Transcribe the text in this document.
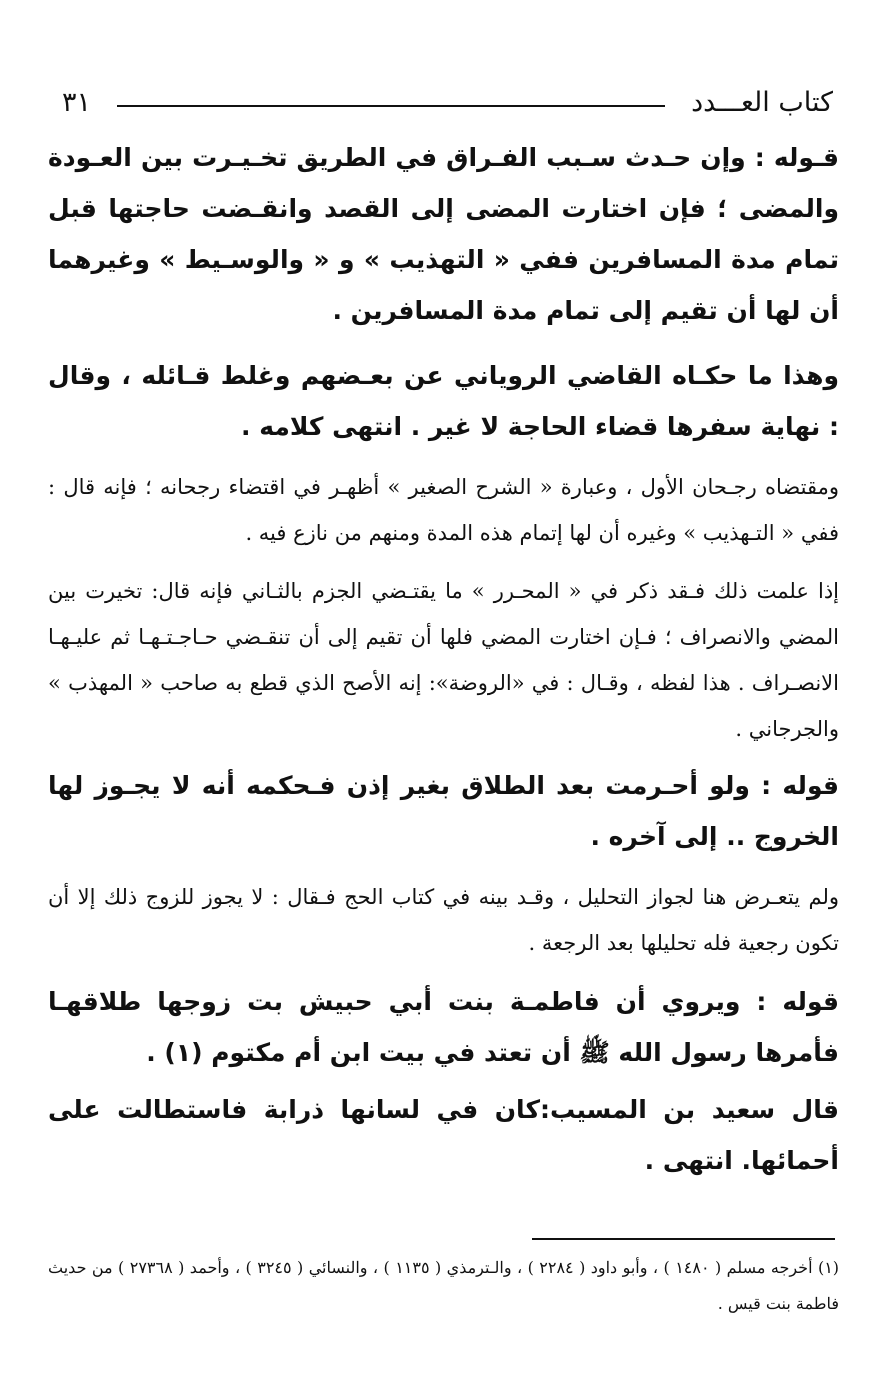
كتاب العـــدد
٣١

قـوله : وإن حـدث سـبب الفـراق في الطريق تخـيـرت بين العـودة والمضى ؛ فإن اختارت المضى إلى القصد وانقـضت حاجتها قبل تمام مدة المسافرين ففي « التهذيب » و « والوسـيط » وغيرهما أن لها أن تقيم إلى تمام مدة المسافرين .

وهذا ما حكـاه القاضي الروياني عن بعـضهم وغلط قـائله ، وقال : نهاية سفرها قضاء الحاجة لا غير . انتهى كلامه .

ومقتضاه رجـحان الأول ، وعبارة « الشرح الصغير » أظهـر في اقتضاء رجحانه ؛ فإنه قال : ففي « التـهذيب » وغيره أن لها إتمام هذه المدة ومنهم من نازع فيه .

إذا علمت ذلك فـقد ذكر في « المحـرر » ما يقتـضي الجزم بالثـاني فإنه قال: تخيرت بين المضي والانصراف ؛ فـإن اختارت المضي فلها أن تقيم إلى أن تنقـضي حـاجـتـهـا ثم عليـهـا الانصـراف . هذا لفظه ، وقـال : في «الروضة»: إنه الأصح الذي قطع به صاحب « المهذب » والجرجاني .

قوله : ولو أحـرمت بعد الطلاق بغير إذن فـحكمه أنه لا يجـوز لها الخروج .. إلى آخره .

ولم يتعـرض هنا لجواز التحليل ، وقـد بينه في كتاب الحج فـقال : لا يجوز للزوج ذلك إلا أن تكون رجعية فله تحليلها بعد الرجعة .

قوله : ويروي أن فاطمـة بنت أبي حبيش بت زوجها طلاقهـا فأمرها رسول الله ﷺ أن تعتد في بيت ابن أم مكتوم (١) .

قال سعيد بن المسيب:كان في لسانها ذرابة فاستطالت على أحمائها. انتهى .

(١) أخرجه مسلم ( ١٤٨٠ ) ، وأبو داود ( ٢٢٨٤ ) ، والـترمذي ( ١١٣٥ ) ، والنسائي ( ٣٢٤٥ ) ، وأحمد ( ٢٧٣٦٨ ) من حديث فاطمة بنت قيس .
